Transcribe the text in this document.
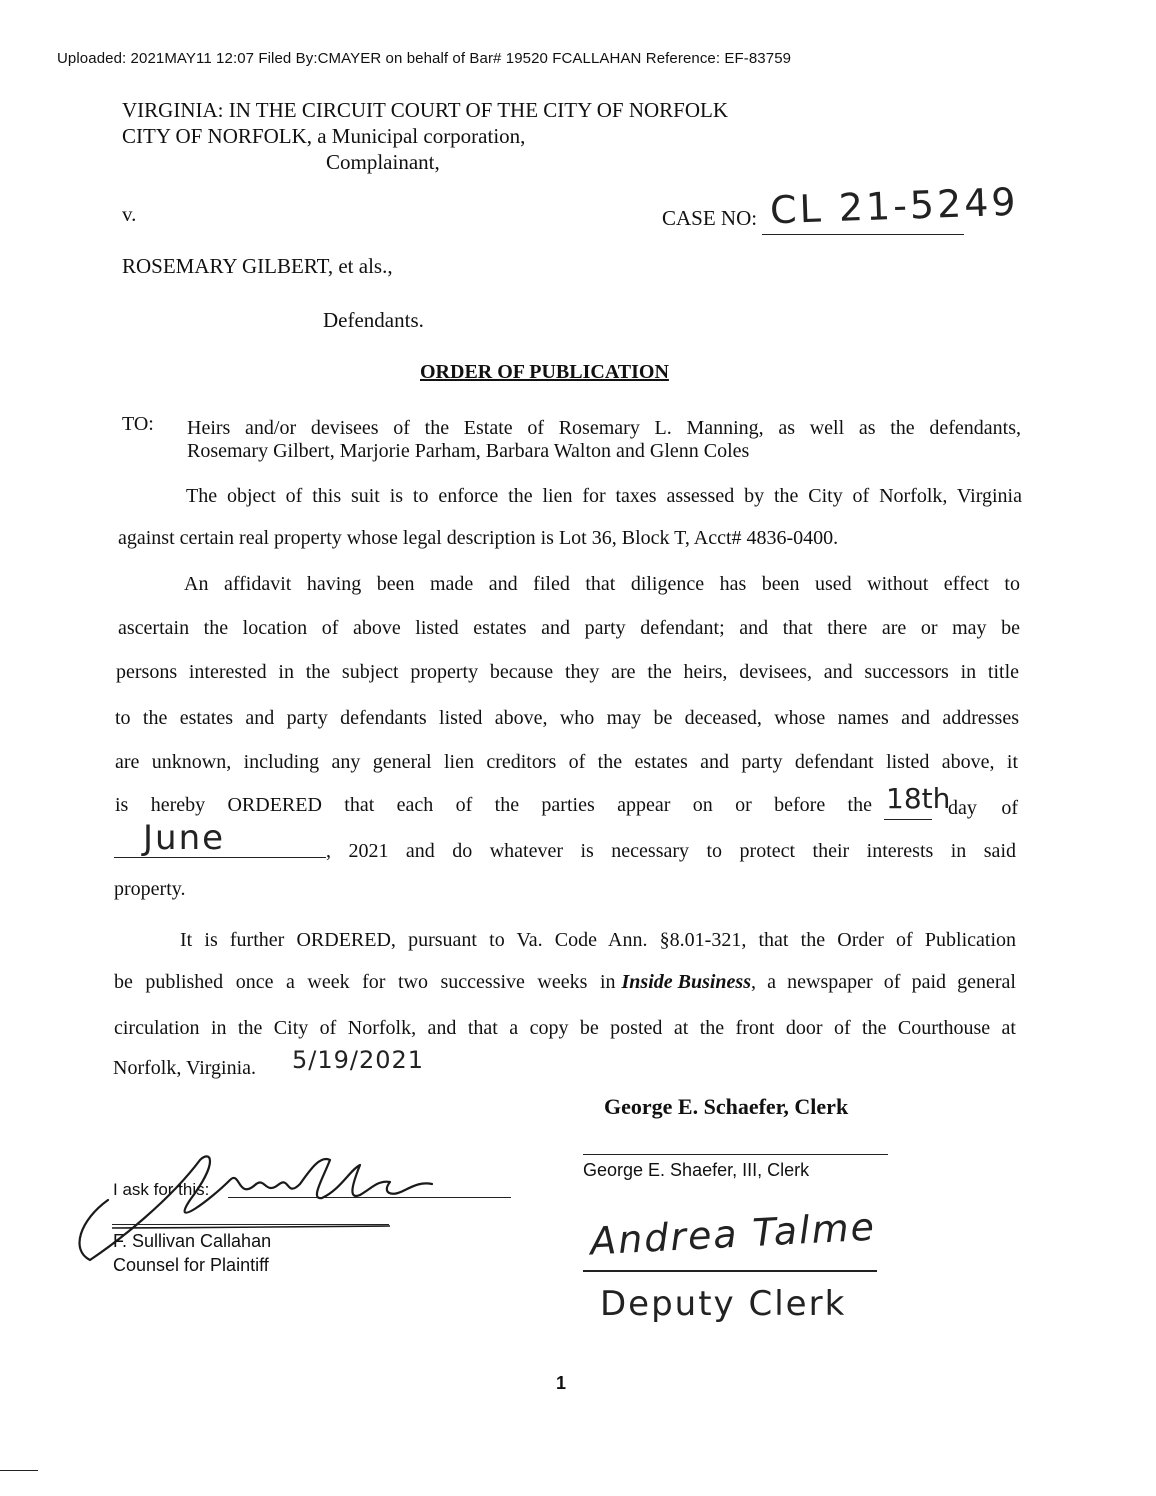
Uploaded: 2021MAY11 12:07 Filed By:CMAYER on behalf of Bar# 19520 FCALLAHAN Reference: EF-83759
VIRGINIA: IN THE CIRCUIT COURT OF THE CITY OF NORFOLK
CITY OF NORFOLK, a Municipal corporation,
Complainant,
v.	CASE NO: CL 21-5249
ROSEMARY GILBERT, et als.,
Defendants.
ORDER OF PUBLICATION
TO: Heirs and/or devisees of the Estate of Rosemary L. Manning, as well as the defendants,
Rosemary Gilbert, Marjorie Parham, Barbara Walton and Glenn Coles
The object of this suit is to enforce the lien for taxes assessed by the City of Norfolk, Virginia
against certain real property whose legal description is Lot 36, Block T, Acct# 4836-0400.
An affidavit having been made and filed that diligence has been used without effect to
ascertain the location of above listed estates and party defendant; and that there are or may be
persons interested in the subject property because they are the heirs, devisees, and successors in title
to the estates and party defendants listed above, who may be deceased, whose names and addresses
are unknown, including any general lien creditors of the estates and party defendant listed above, it
is hereby ORDERED that each of the parties appear on or before the 18th
day of
June	, 2021 and do whatever is necessary to protect their interests in said
property.
It is further ORDERED, pursuant to Va. Code Ann. §8.01-321, that the Order of Publication
be published once a week for two successive weeks in Inside Business , a newspaper of paid general
circulation in the City of Norfolk, and that a copy be posted at the front door of the Courthouse at
Norfolk, Virginia. 5/19/2021
George E. Schaefer, Clerk
George E. Shaefer, III, Clerk
Andrea Talme
Deputy Clerk
I ask for this:
F. Sullivan Callahan
Counsel for Plaintiff
1
